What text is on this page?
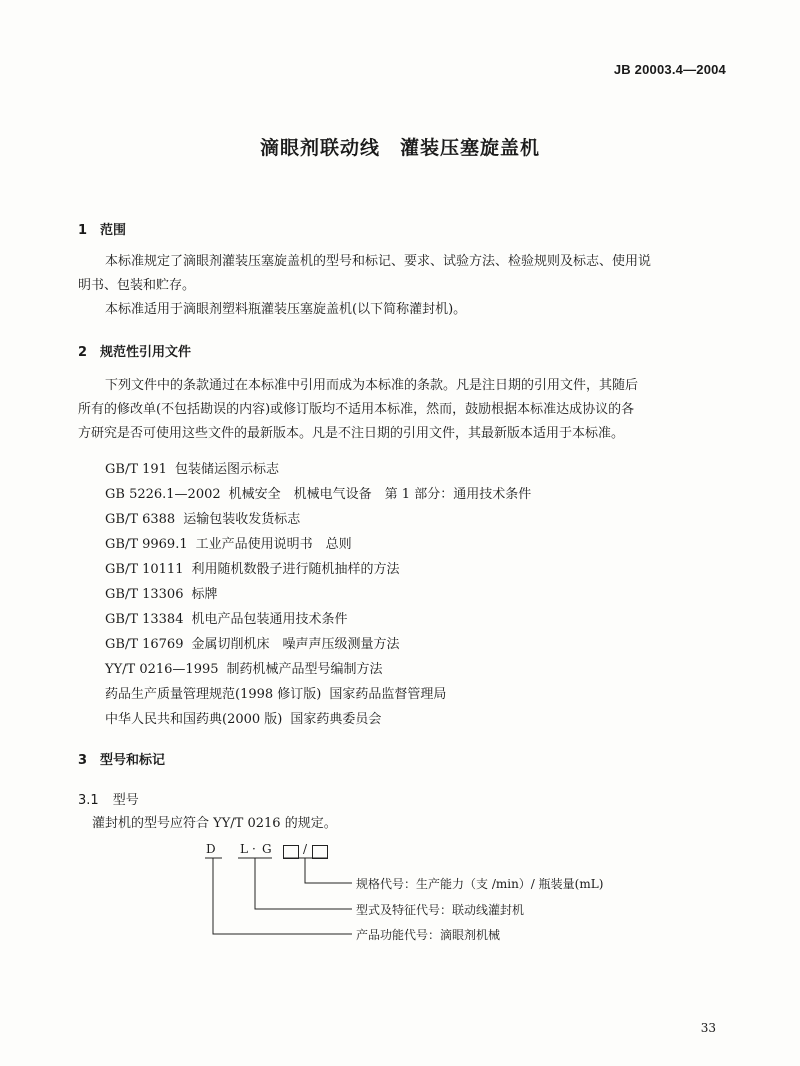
JB 20003.4—2004
滴眼剂联动线　灌装压塞旋盖机
1 范围
本标准规定了滴眼剂灌装压塞旋盖机的型号和标记、要求、试验方法、检验规则及标志、使用说
明书、包装和贮存。
本标准适用于滴眼剂塑料瓶灌装压塞旋盖机(以下简称灌封机)。
2 规范性引用文件
下列文件中的条款通过在本标准中引用而成为本标准的条款。凡是注日期的引用文件，其随后
所有的修改单(不包括勘误的内容)或修订版均不适用本标准，然而，鼓励根据本标准达成协议的各
方研究是否可使用这些文件的最新版本。凡是不注日期的引用文件，其最新版本适用于本标准。
GB/T 191 包装储运图示标志
GB 5226.1—2002 机械安全　机械电气设备　第 1 部分：通用技术条件
GB/T 6388 运输包装收发货标志
GB/T 9969.1 工业产品使用说明书　总则
GB/T 10111 利用随机数骰子进行随机抽样的方法
GB/T 13306 标牌
GB/T 13384 机电产品包装通用技术条件
GB/T 16769 金属切削机床　噪声声压级测量方法
YY/T 0216—1995 制药机械产品型号编制方法
药品生产质量管理规范(1998 修订版) 国家药品监督管理局
中华人民共和国药典(2000 版) 国家药典委员会
3 型号和标记
3.1 型号
灌封机的型号应符合 YY/T 0216 的规定。
D L · G	/
规格代号：生产能力（支 /min）/ 瓶装量(mL)
型式及特征代号：联动线灌封机
产品功能代号：滴眼剂机械
33
